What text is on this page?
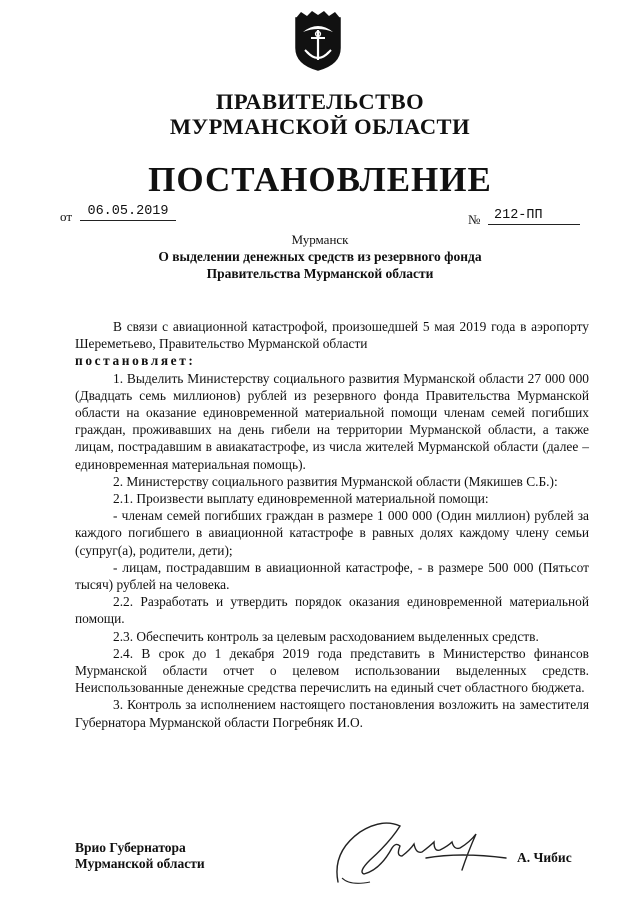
ПРАВИТЕЛЬСТВО
МУРМАНСКОЙ ОБЛАСТИ
ПОСТАНОВЛЕНИЕ
от	06.05.2019
№	212-ПП
Мурманск
О выделении денежных средств из резервного фонда
Правительства Мурманской области

В связи с авиационной катастрофой, произошедшей 5 мая 2019 года в аэропорту Шереметьево, Правительство Мурманской области

постановляет:

1. Выделить Министерству социального развития Мурманской области 27 000 000 (Двадцать семь миллионов) рублей из резервного фонда Правительства Мурманской области на оказание единовременной материальной помощи членам семей погибших граждан, проживавших на день гибели на территории Мурманской области, а также лицам, пострадавшим в авиакатастрофе, из числа жителей Мурманской области (далее – единовременная материальная помощь).

2. Министерству социального развития Мурманской области (Мякишев С.Б.):

2.1. Произвести выплату единовременной материальной помощи:

- членам семей погибших граждан в размере 1 000 000 (Один миллион) рублей за каждого погибшего в авиационной катастрофе в равных долях каждому члену семьи (супруг(а), родители, дети);

- лицам, пострадавшим в авиационной катастрофе, - в размере 500 000 (Пятьсот тысяч) рублей на человека.

2.2. Разработать и утвердить порядок оказания единовременной материальной помощи.

2.3. Обеспечить контроль за целевым расходованием выделенных средств.

2.4. В срок до 1 декабря 2019 года представить в Министерство финансов Мурманской области отчет о целевом использовании выделенных средств. Неиспользованные денежные средства перечислить на единый счет областного бюджета.

3. Контроль за исполнением настоящего постановления возложить на заместителя Губернатора Мурманской области Погребняк И.О.

Врио Губернатора
Мурманской области	А. Чибис
